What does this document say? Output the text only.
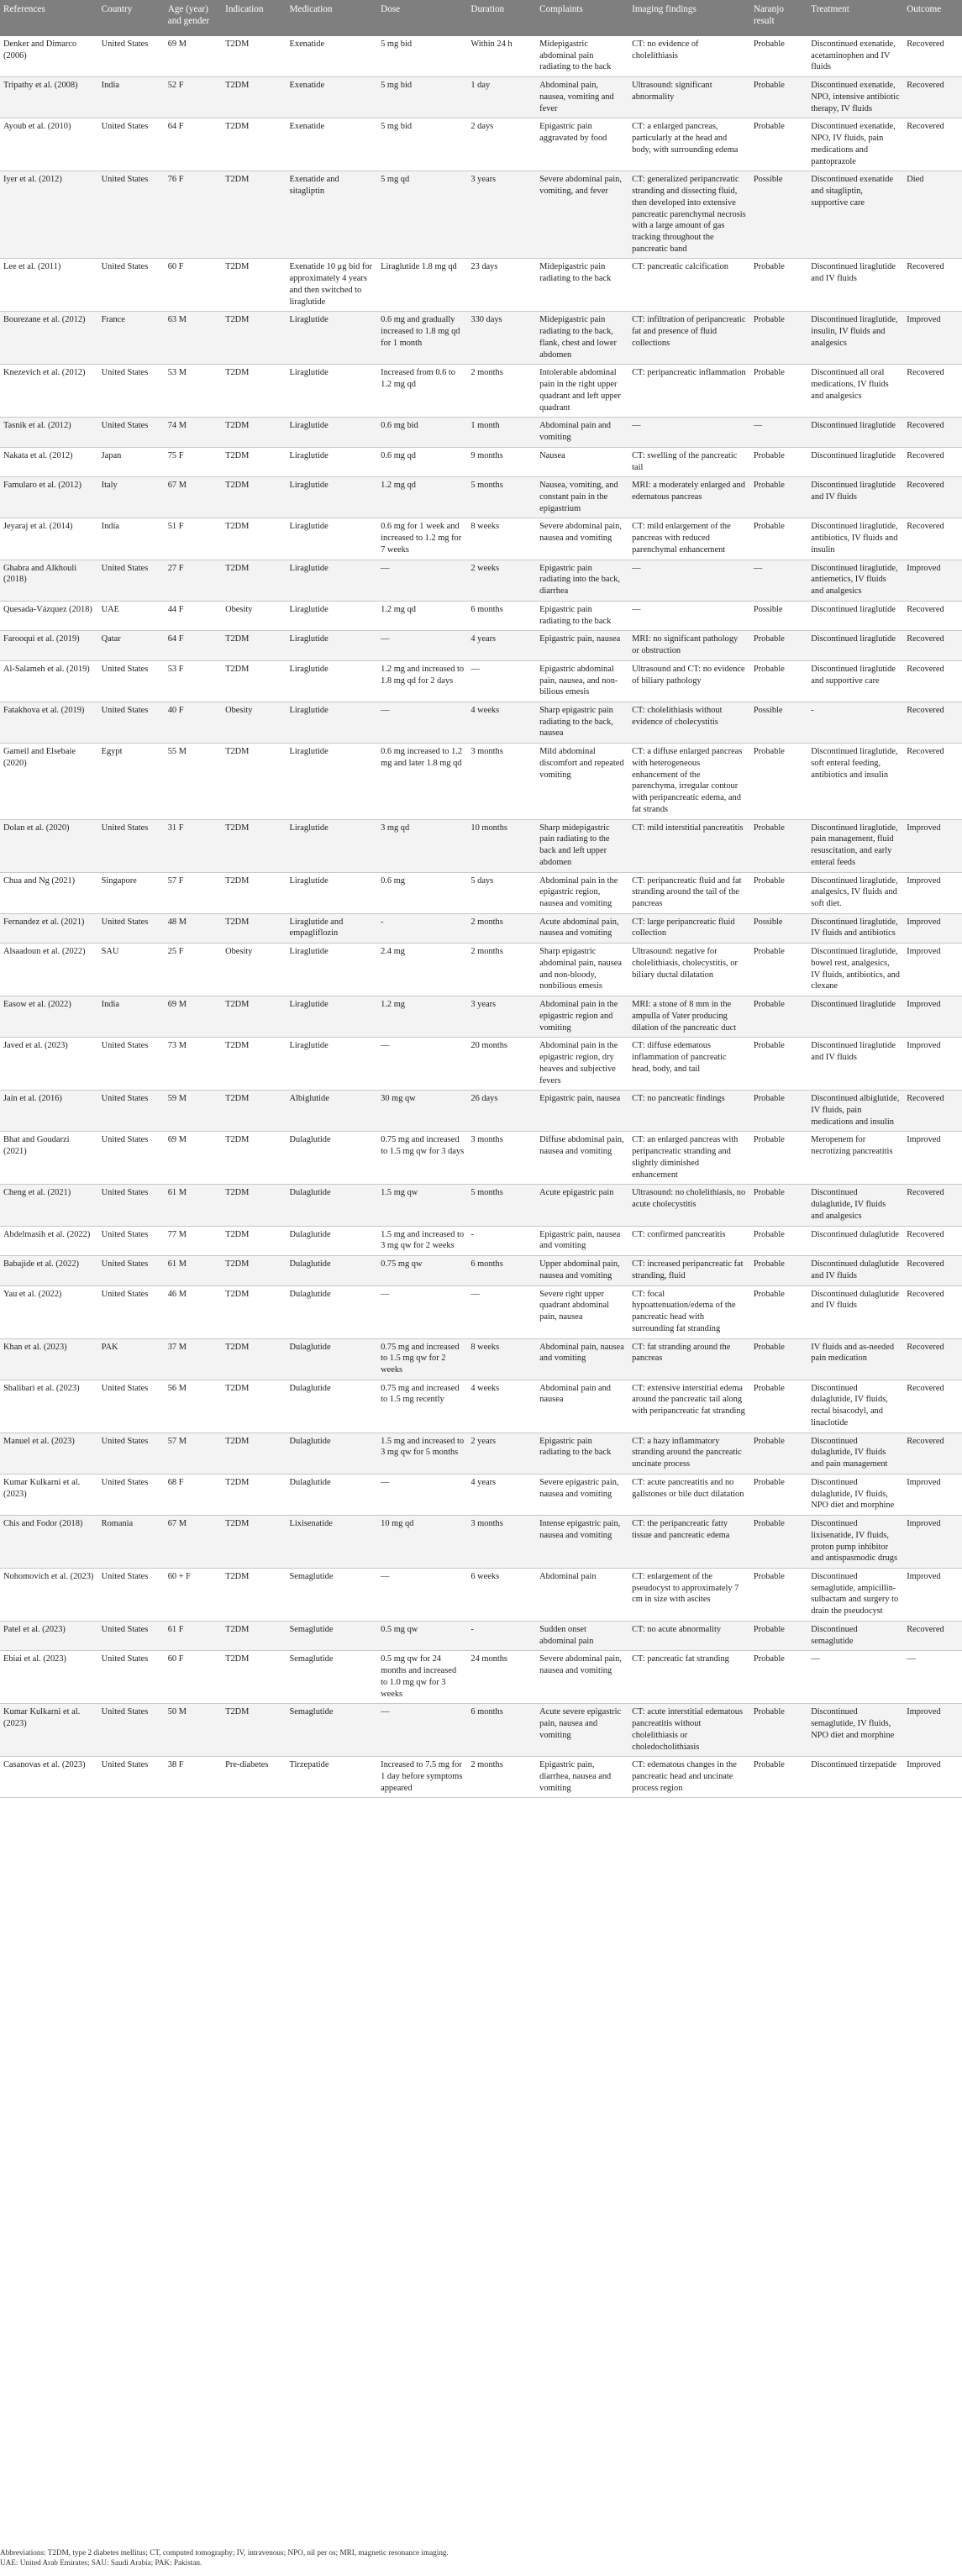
References	Country	Age (year) and gender	Indication	Medication	Dose	Duration	Complaints	Imaging findings	Naranjo result	Treatment	Outcome
Denker and Dimarco (2006)	United States	69 M	T2DM	Exenatide	5 mg bid	Within 24 h	Midepigastric abdominal pain radiating to the back	CT: no evidence of cholelithiasis	Probable	Discontinued exenatide, acetaminophen and IV fluids	Recovered
Tripathy et al. (2008)	India	52 F	T2DM	Exenatide	5 mg bid	1 day	Abdominal pain, nausea, vomiting and fever	Ultrasound: significant abnormality	Probable	Discontinued exenatide, NPO, intensive antibiotic therapy, IV fluids	Recovered
Ayoub et al. (2010)	United States	64 F	T2DM	Exenatide	5 mg bid	2 days	Epigastric pain aggravated by food	CT: a enlarged pancreas, particularly at the head and body, with surrounding edema	Probable	Discontinued exenatide, NPO, IV fluids, pain medications and pantoprazole	Recovered
Iyer et al. (2012)	United States	76 F	T2DM	Exenatide and sitagliptin	5 mg qd	3 years	Severe abdominal pain, vomiting, and fever	CT: generalized peripancreatic stranding and dissecting fluid, then developed into extensive pancreatic parenchymal necrosis with a large amount of gas tracking throughout the pancreatic band	Possible	Discontinued exenatide and sitagliptin, supportive care	Died
Lee et al. (2011)	United States	60 F	T2DM	Exenatide 10 μg bid for approximately 4 years and then switched to liraglutide	Liraglutide 1.8 mg qd	23 days	Midepigastric pain radiating to the back	CT: pancreatic calcification	Probable	Discontinued liraglutide and IV fluids	Recovered
Bourezane et al. (2012)	France	63 M	T2DM	Liraglutide	0.6 mg and gradually increased to 1.8 mg qd for 1 month	330 days	Midepigastric pain radiating to the back, flank, chest and lower abdomen	CT: infiltration of peripancreatic fat and presence of fluid collections	Probable	Discontinued liraglutide, insulin, IV fluids and analgesics	Improved
Knezevich et al. (2012)	United States	53 M	T2DM	Liraglutide	Increased from 0.6 to 1.2 mg qd	2 months	Intolerable abdominal pain in the right upper quadrant and left upper quadrant	CT: peripancreatic inflammation	Probable	Discontinued all oral medications, IV fluids and analgesics	Recovered
Tasnik et al. (2012)	United States	74 M	T2DM	Liraglutide	0.6 mg bid	1 month	Abdominal pain and vomiting	—	—	Discontinued liraglutide	Recovered
Nakata et al. (2012)	Japan	75 F	T2DM	Liraglutide	0.6 mg qd	9 months	Nausea	CT: swelling of the pancreatic tail	Probable	Discontinued liraglutide	Recovered
Famularo et al. (2012)	Italy	67 M	T2DM	Liraglutide	1.2 mg qd	5 months	Nausea, vomiting, and constant pain in the epigastrium	MRI: a moderately enlarged and edematous pancreas	Probable	Discontinued liraglutide and IV fluids	Recovered
Jeyaraj et al. (2014)	India	51 F	T2DM	Liraglutide	0.6 mg for 1 week and increased to 1.2 mg for 7 weeks	8 weeks	Severe abdominal pain, nausea and vomiting	CT: mild enlargement of the pancreas with reduced parenchymal enhancement	Probable	Discontinued liraglutide, antibiotics, IV fluids and insulin	Recovered
Ghabra and Alkhouli (2018)	United States	27 F	T2DM	Liraglutide	—	2 weeks	Epigastric pain radiating into the back, diarrhea	—	—	Discontinued liraglutide, antiemetics, IV fluids and analgesics	Improved
Quesada-Vázquez (2018)	UAE	44 F	Obesity	Liraglutide	1.2 mg qd	6 months	Epigastric pain radiating to the back	—	Possible	Discontinued liraglutide	Recovered
Farooqui et al. (2019)	Qatar	64 F	T2DM	Liraglutide	—	4 years	Epigastric pain, nausea	MRI: no significant pathology or obstruction	Probable	Discontinued liraglutide	Recovered
Al-Salameh et al. (2019)	United States	53 F	T2DM	Liraglutide	1.2 mg and increased to 1.8 mg qd for 2 days	—	Epigastric abdominal pain, nausea, and non-bilious emesis	Ultrasound and CT: no evidence of biliary pathology	Probable	Discontinued liraglutide and supportive care	Recovered
Fatakhova et al. (2019)	United States	40 F	Obesity	Liraglutide	—	4 weeks	Sharp epigastric pain radiating to the back, nausea	CT: cholelithiasis without evidence of cholecystitis	Possible	-	Recovered
Gameil and Elsebaie (2020)	Egypt	55 M	T2DM	Liraglutide	0.6 mg increased to 1.2 mg and later 1.8 mg qd	3 months	Mild abdominal discomfort and repeated vomiting	CT: a diffuse enlarged pancreas with heterogeneous enhancement of the parenchyma, irregular contour with peripancreatic edema, and fat strands	Probable	Discontinued liraglutide, soft enteral feeding, antibiotics and insulin	Recovered
Dolan et al. (2020)	United States	31 F	T2DM	Liraglutide	3 mg qd	10 months	Sharp midepigastric pain radiating to the back and left upper abdomen	CT: mild interstitial pancreatitis	Probable	Discontinued liraglutide, pain management, fluid resuscitation, and early enteral feeds	Improved
Chua and Ng (2021)	Singapore	57 F	T2DM	Liraglutide	0.6 mg	5 days	Abdominal pain in the epigastric region, nausea and vomiting	CT: peripancreatic fluid and fat stranding around the tail of the pancreas	Probable	Discontinued liraglutide, analgesics, IV fluids and soft diet.	Improved
Fernandez et al. (2021)	United States	48 M	T2DM	Liraglutide and empagliflozin	-	2 months	Acute abdominal pain, nausea and vomiting	CT: large peripancreatic fluid collection	Possible	Discontinued liraglutide, IV fluids and antibiotics	Improved
Alsaadoun et al. (2022)	SAU	25 F	Obesity	Liraglutide	2.4 mg	2 months	Sharp epigastric abdominal pain, nausea and non-bloody, nonbilious emesis	Ultrasound: negative for cholelithiasis, cholecystitis, or biliary ductal dilatation	Probable	Discontinued liraglutide, bowel rest, analgesics, IV fluids, antibiotics, and clexane	Improved
Easow et al. (2022)	India	69 M	T2DM	Liraglutide	1.2 mg	3 years	Abdominal pain in the epigastric region and vomiting	MRI: a stone of 8 mm in the ampulla of Vater producing dilation of the pancreatic duct	Probable	Discontinued liraglutide	Improved
Javed et al. (2023)	United States	73 M	T2DM	Liraglutide	—	20 months	Abdominal pain in the epigastric region, dry heaves and subjective fevers	CT: diffuse edematous inflammation of pancreatic head, body, and tail	Probable	Discontinued liraglutide and IV fluids	Improved
Jain et al. (2016)	United States	59 M	T2DM	Albiglutide	30 mg qw	26 days	Epigastric pain, nausea	CT: no pancreatic findings	Probable	Discontinued albiglutide, IV fluids, pain medications and insulin	Recovered
Bhat and Goudarzi (2021)	United States	69 M	T2DM	Dulaglutide	0.75 mg and increased to 1.5 mg qw for 3 days	3 months	Diffuse abdominal pain, nausea and vomiting	CT: an enlarged pancreas with peripancreatic stranding and slightly diminished enhancement	Probable	Meropenem for necrotizing pancreatitis	Improved
Cheng et al. (2021)	United States	61 M	T2DM	Dulaglutide	1.5 mg qw	5 months	Acute epigastric pain	Ultrasound: no cholelithiasis, no acute cholecystitis	Probable	Discontinued dulaglutide, IV fluids and analgesics	Recovered
Abdelmasih et al. (2022)	United States	77 M	T2DM	Dulaglutide	1.5 mg and increased to 3 mg qw for 2 weeks	-	Epigastric pain, nausea and vomiting	CT: confirmed pancreatitis	Probable	Discontinued dulaglutide	Recovered
Babajide et al. (2022)	United States	61 M	T2DM	Dulaglutide	0.75 mg qw	6 months	Upper abdominal pain, nausea and vomiting	CT: increased peripancreatic fat stranding, fluid	Probable	Discontinued dulaglutide and IV fluids	Recovered
Yau et al. (2022)	United States	46 M	T2DM	Dulaglutide	—	—	Severe right upper quadrant abdominal pain, nausea	CT: focal hypoattenuation/edema of the pancreatic head with surrounding fat stranding	Probable	Discontinued dulaglutide and IV fluids	Recovered
Khan et al. (2023)	PAK	37 M	T2DM	Dulaglutide	0.75 mg and increased to 1.5 mg qw for 2 weeks	8 weeks	Abdominal pain, nausea and vomiting	CT: fat stranding around the pancreas	Probable	IV fluids and as-needed pain medication	Recovered
Shalibari et al. (2023)	United States	56 M	T2DM	Dulaglutide	0.75 mg and increased to 1.5 mg recently	4 weeks	Abdominal pain and nausea	CT: extensive interstitial edema around the pancreatic tail along with peripancreatic fat stranding	Probable	Discontinued dulaglutide, IV fluids, rectal bisacodyl, and linaclotide	Recovered
Manuel et al. (2023)	United States	57 M	T2DM	Dulaglutide	1.5 mg and increased to 3 mg qw for 5 months	2 years	Epigastric pain radiating to the back	CT: a hazy inflammatory stranding around the pancreatic uncinate process	Probable	Discontinued dulaglutide, IV fluids and pain management	Recovered
Kumar Kulkarni et al. (2023)	United States	68 F	T2DM	Dulaglutide	—	4 years	Severe epigastric pain, nausea and vomiting	CT: acute pancreatitis and no gallstones or bile duct dilatation	Probable	Discontinued dulaglutide, IV fluids, NPO diet and morphine	Improved
Chis and Fodor (2018)	Romania	67 M	T2DM	Lixisenatide	10 mg qd	3 months	Intense epigastric pain, nausea and vomiting	CT: the peripancreatic fatty tissue and pancreatic edema	Probable	Discontinued lixisenatide, IV fluids, proton pump inhibitor and antispasmodic drugs	Improved
Nohomovich et al. (2023)	United States	60 + F	T2DM	Semaglutide	—	6 weeks	Abdominal pain	CT: enlargement of the pseudocyst to approximately 7 cm in size with ascites	Probable	Discontinued semaglutide, ampicillin-sulbactam and surgery to drain the pseudocyst	Improved
Patel et al. (2023)	United States	61 F	T2DM	Semaglutide	0.5 mg qw	-	Sudden onset abdominal pain	CT: no acute abnormality	Probable	Discontinued semaglutide	Recovered
Ebiai et al. (2023)	United States	60 F	T2DM	Semaglutide	0.5 mg qw for 24 months and increased to 1.0 mg qw for 3 weeks	24 months	Severe abdominal pain, nausea and vomiting	CT: pancreatic fat stranding	Probable	—	—
Kumar Kulkarni et al. (2023)	United States	50 M	T2DM	Semaglutide	—	6 months	Acute severe epigastric pain, nausea and vomiting	CT: acute interstitial edematous pancreatitis without cholelithiasis or choledocholithiasis	Probable	Discontinued semaglutide, IV fluids, NPO diet and morphine	Improved
Casanovas et al. (2023)	United States	38 F	Pre-diabetes	Tirzepatide	Increased to 7.5 mg for 1 day before symptoms appeared	2 months	Epigastric pain, diarrhea, nausea and vomiting	CT: edematous changes in the pancreatic head and uncinate process region	Probable	Discontinued tirzepatide	Improved
Abbreviations: T2DM, type 2 diabetes mellitus; CT, computed tomography; IV, intravenous; NPO, nil per os; MRI, magnetic resonance imaging.
UAE: United Arab Emirates; SAU: Saudi Arabia; PAK: Pakistan.
